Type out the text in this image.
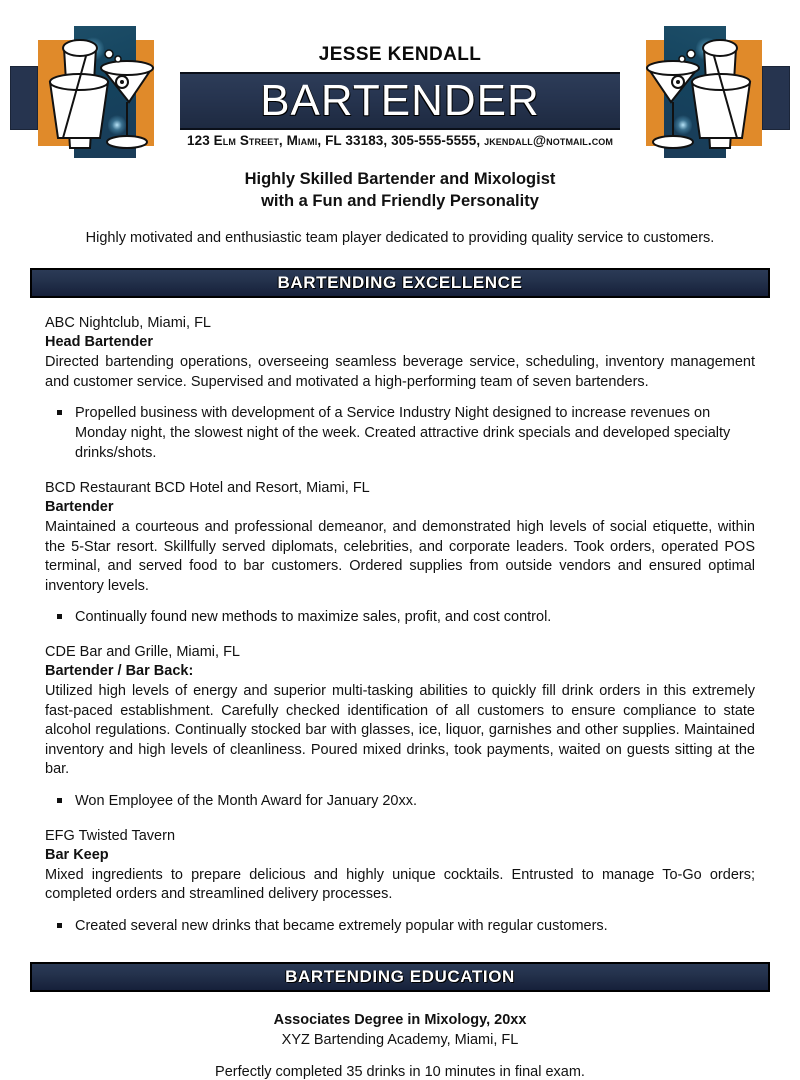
JESSE KENDALL
BARTENDER
123 Elm Street, Miami, FL 33183, 305-555-5555, jkendall@notmail.com
Highly Skilled Bartender and Mixologist
with a Fun and Friendly Personality
Highly motivated and enthusiastic team player dedicated to providing quality service to customers.
BARTENDING EXCELLENCE
ABC Nightclub, Miami, FL
Head Bartender
Directed bartending operations, overseeing seamless beverage service, scheduling, inventory management and customer service. Supervised and motivated a high-performing team of seven bartenders.
Propelled business with development of a Service Industry Night designed to increase revenues on Monday night, the slowest night of the week. Created attractive drink specials and developed specialty drinks/shots.
BCD Restaurant BCD Hotel and Resort, Miami, FL
Bartender
Maintained a courteous and professional demeanor, and demonstrated high levels of social etiquette, within the 5-Star resort. Skillfully served diplomats, celebrities, and corporate leaders. Took orders, operated POS terminal, and served food to bar customers. Ordered supplies from outside vendors and ensured optimal inventory levels.
Continually found new methods to maximize sales, profit, and cost control.
CDE Bar and Grille, Miami, FL
Bartender / Bar Back:
Utilized high levels of energy and superior multi-tasking abilities to quickly fill drink orders in this extremely fast-paced establishment. Carefully checked identification of all customers to ensure compliance to state alcohol regulations. Continually stocked bar with glasses, ice, liquor, garnishes and other supplies. Maintained inventory and high levels of cleanliness. Poured mixed drinks, took payments, waited on guests sitting at the bar.
Won Employee of the Month Award for January 20xx.
EFG Twisted Tavern
Bar Keep
Mixed ingredients to prepare delicious and highly unique cocktails. Entrusted to manage To-Go orders; completed orders and streamlined delivery processes.
Created several new drinks that became extremely popular with regular customers.
BARTENDING EDUCATION
Associates Degree in Mixology, 20xx
XYZ Bartending Academy, Miami, FL
Perfectly completed 35 drinks in 10 minutes in final exam.
